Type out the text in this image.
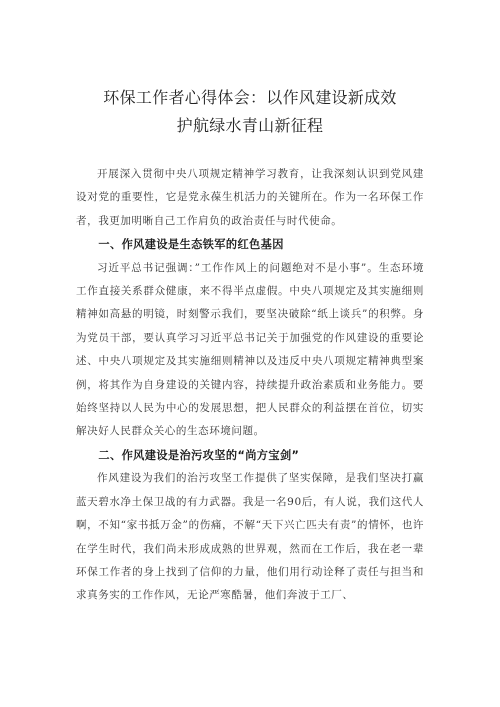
环保工作者心得体会：以作风建设新成效
护航绿水青山新征程

开展深入贯彻中央八项规定精神学习教育，让我深刻认识到党风建设对党的重要性，它是党永葆生机活力的关键所在。作为一名环保工作者，我更加明晰自己工作肩负的政治责任与时代使命。

一、作风建设是生态铁军的红色基因

习近平总书记强调：”工作作风上的问题绝对不是小事”。生态环境工作直接关系群众健康，来不得半点虚假。中央八项规定及其实施细则精神如高悬的明镜，时刻警示我们，要坚决破除“纸上谈兵”的积弊。身为党员干部，要认真学习习近平总书记关于加强党的作风建设的重要论述、中央八项规定及其实施细则精神以及违反中央八项规定精神典型案例，将其作为自身建设的关键内容，持续提升政治素质和业务能力。要始终坚持以人民为中心的发展思想，把人民群众的利益摆在首位，切实解决好人民群众关心的生态环境问题。

二、作风建设是治污攻坚的“尚方宝剑”

作风建设为我们的治污攻坚工作提供了坚实保障，是我们坚决打赢蓝天碧水净土保卫战的有力武器。我是一名90后，有人说，我们这代人啊，不知“家书抵万金”的伤痛，不解“天下兴亡匹夫有责”的情怀，也许在学生时代，我们尚未形成成熟的世界观，然而在工作后，我在老一辈环保工作者的身上找到了信仰的力量，他们用行动诠释了责任与担当和求真务实的工作作风，无论严寒酷暑，他们奔波于工厂、
